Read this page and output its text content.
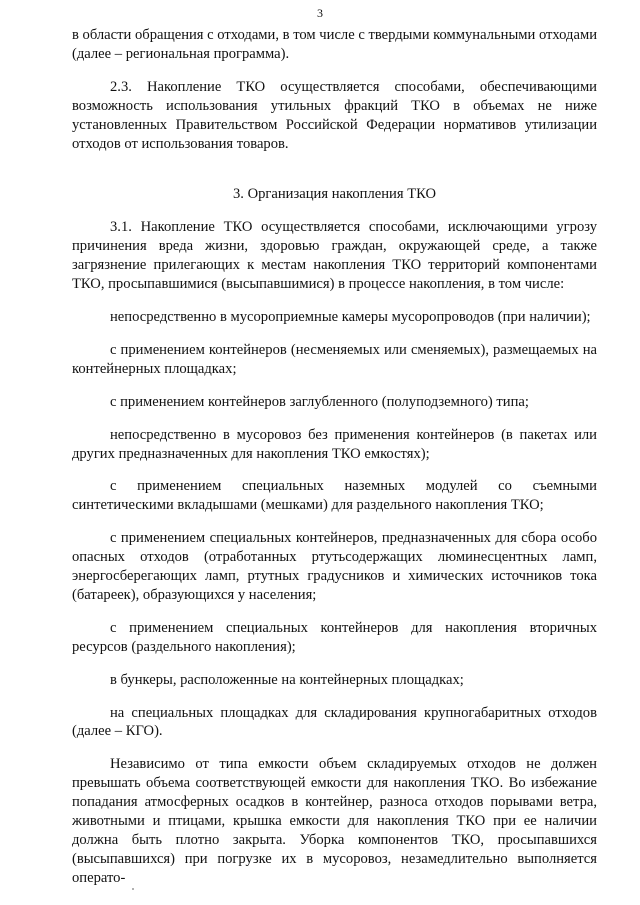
3

в области обращения с отходами, в том числе с твердыми коммунальными отходами (далее – региональная программа).

2.3. Накопление ТКО осуществляется способами, обеспечивающими возможность использования утильных фракций ТКО в объемах не ниже установленных Правительством Российской Федерации нормативов утилизации отходов от использования товаров.

3. Организация накопления ТКО

3.1. Накопление ТКО осуществляется способами, исключающими угрозу причинения вреда жизни, здоровью граждан, окружающей среде, а также загрязнение прилегающих к местам накопления ТКО территорий компонентами ТКО, просыпавшимися (высыпавшимися) в процессе накопления, в том числе:

непосредственно в мусороприемные камеры мусоропроводов (при наличии);

с применением контейнеров (несменяемых или сменяемых), размещаемых на контейнерных площадках;

с применением контейнеров заглубленного (полуподземного) типа;

непосредственно в мусоровоз без применения контейнеров (в пакетах или других предназначенных для накопления ТКО емкостях);

с применением специальных наземных модулей со съемными синтетическими вкладышами (мешками) для раздельного накопления ТКО;

с применением специальных контейнеров, предназначенных для сбора особо опасных отходов (отработанных ртутьсодержащих люминесцентных ламп, энергосберегающих ламп, ртутных градусников и химических источников тока (батареек), образующихся у населения;

с применением специальных контейнеров для накопления вторичных ресурсов (раздельного накопления);

в бункеры, расположенные на контейнерных площадках;

на специальных площадках для складирования крупногабаритных отходов (далее – КГО).

Независимо от типа емкости объем складируемых отходов не должен превышать объема соответствующей емкости для накопления ТКО. Во избежание попадания атмосферных осадков в контейнер, разноса отходов порывами ветра, животными и птицами, крышка емкости для накопления ТКО при ее наличии должна быть плотно закрыта. Уборка компонентов ТКО, просыпавшихся (высыпавшихся) при погрузке их в мусоровоз, незамедлительно выполняется операто-
